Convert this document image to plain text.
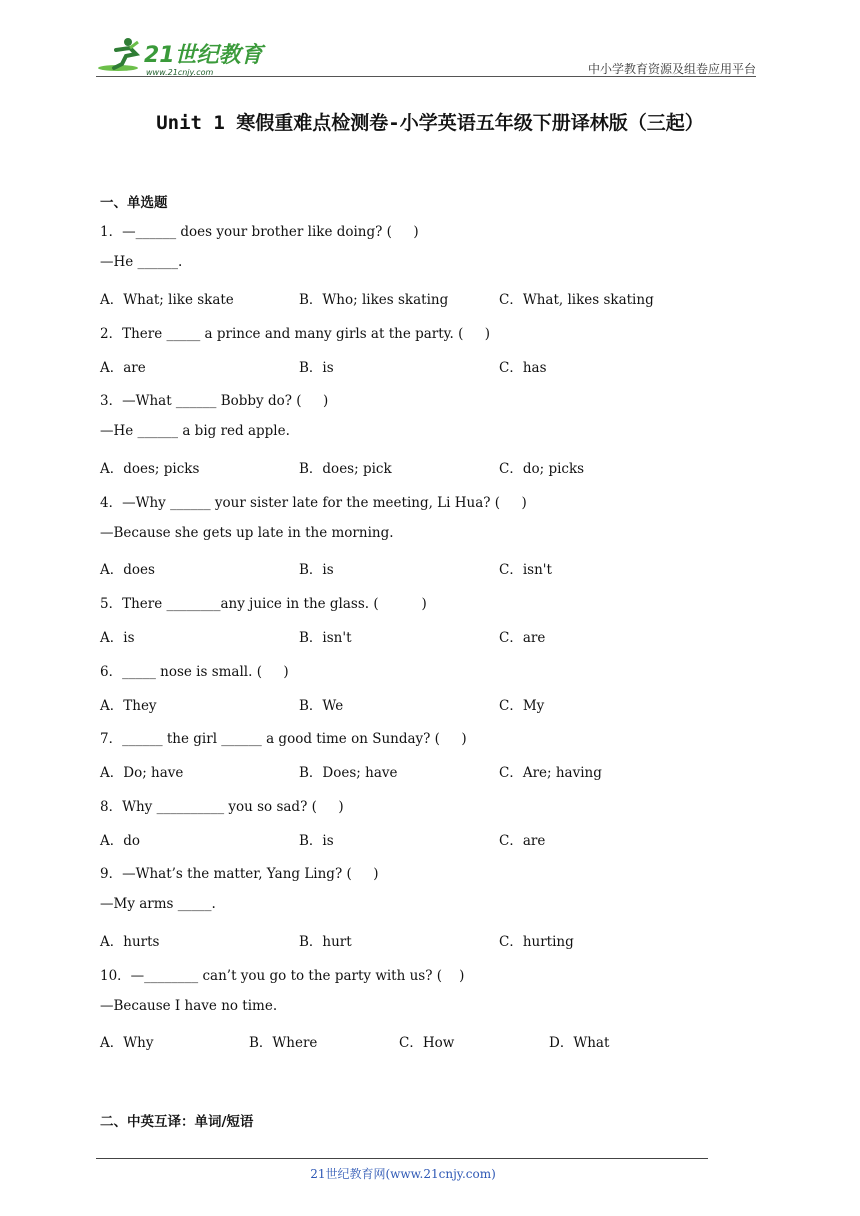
21世纪教育
www.21cnjy.com	中小学教育资源及组卷应用平台
Unit 1 寒假重难点检测卷-小学英语五年级下册译林版（三起）
一、单选题
1．—______ does your brother like doing? (     )
—He ______.
A．What; like skate	B．Who; likes skating	C．What, likes skating
2．There _____ a prince and many girls at the party. (     )
A．are	B．is	C．has
3．—What ______ Bobby do? (     )
—He ______ a big red apple.
A．does; picks	B．does; pick	C．do; picks
4．—Why ______ your sister late for the meeting, Li Hua? (     )
—Because she gets up late in the morning.
A．does	B．is	C．isn't
5．There ________any juice in the glass. (          )
A．is	B．isn't	C．are
6．_____ nose is small. (     )
A．They	B．We	C．My
7．______ the girl ______ a good time on Sunday? (     )
A．Do; have	B．Does; have	C．Are; having
8．Why __________ you so sad? (     )
A．do	B．is	C．are
9．—What’s the matter, Yang Ling? (     )
—My arms _____.
A．hurts	B．hurt	C．hurting
10．—________ can’t you go to the party with us? (    )
—Because I have no time.
A．Why	B．Where	C．How	D．What
二、中英互译：单词/短语
21世纪教育网(www.21cnjy.com)
